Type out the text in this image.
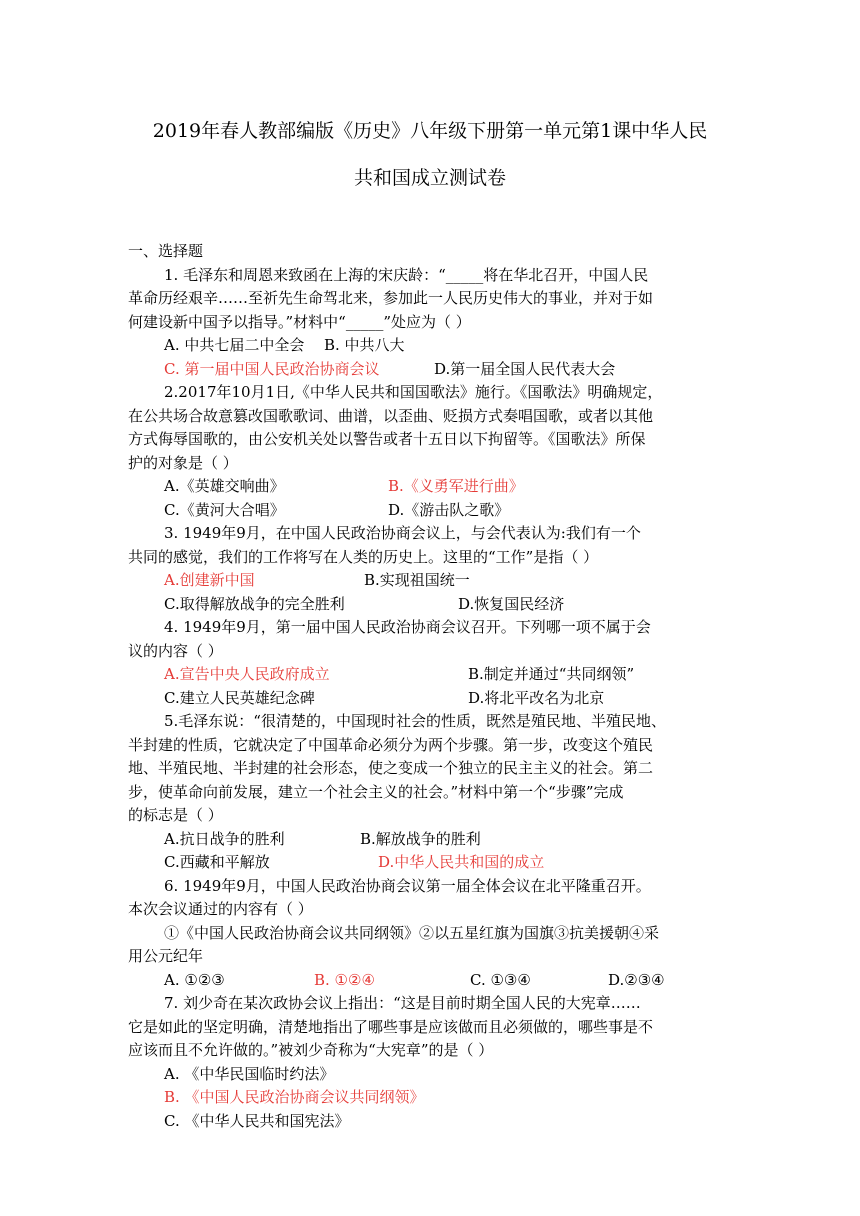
2019年春人教部编版《历史》八年级下册第一单元第1课中华人民
共和国成立测试卷
一、选择题
1. 毛泽东和周恩来致函在上海的宋庆龄：“_____将在华北召开，中国人民
革命历经艰辛……至祈先生命驾北来，参加此一人民历史伟大的事业，并对于如
何建设新中国予以指导。”材料中“_____”处应为（ ）
A. 中共七届二中全会	B. 中共八大
C. 第一届中国人民政治协商会议	D.第一届全国人民代表大会
2.2017年10月1日,《中华人民共和国国歌法》施行。《国歌法》明确规定，
在公共场合故意篡改国歌歌词、曲谱，以歪曲、贬损方式奏唱国歌，或者以其他
方式侮辱国歌的，由公安机关处以警告或者十五日以下拘留等。《国歌法》所保
护的对象是（ ）
A.《英雄交响曲》	B.《义勇军进行曲》
C.《黄河大合唱》	D.《游击队之歌》
3. 1949年9月，在中国人民政治协商会议上，与会代表认为:我们有一个
共同的感觉，我们的工作将写在人类的历史上。这里的“工作”是指（ ）
A.创建新中国	B.实现祖国统一
C.取得解放战争的完全胜利	D.恢复国民经济
4. 1949年9月，第一届中国人民政治协商会议召开。下列哪一项不属于会
议的内容（ ）
A.宣告中央人民政府成立	B.制定并通过“共同纲领”
C.建立人民英雄纪念碑	D.将北平改名为北京
5.毛泽东说：“很清楚的，中国现时社会的性质，既然是殖民地、半殖民地、
半封建的性质，它就决定了中国革命必须分为两个步骤。第一步，改变这个殖民
地、半殖民地、半封建的社会形态，使之变成一个独立的民主主义的社会。第二
步，使革命向前发展，建立一个社会主义的社会。”材料中第一个“步骤”完成
的标志是（ ）
A.抗日战争的胜利	B.解放战争的胜利
C.西藏和平解放	D.中华人民共和国的成立
6. 1949年9月，中国人民政治协商会议第一届全体会议在北平隆重召开。
本次会议通过的内容有（ ）
①《中国人民政治协商会议共同纲领》②以五星红旗为国旗③抗美援朝④采
用公元纪年
A. ①②③	B. ①②④	C. ①③④	D.②③④
7. 刘少奇在某次政协会议上指出：“这是目前时期全国人民的大宪章……
它是如此的坚定明确，清楚地指出了哪些事是应该做而且必须做的，哪些事是不
应该而且不允许做的。”被刘少奇称为“大宪章”的是（ ）
A. 《中华民国临时约法》
B. 《中国人民政治协商会议共同纲领》
C. 《中华人民共和国宪法》
